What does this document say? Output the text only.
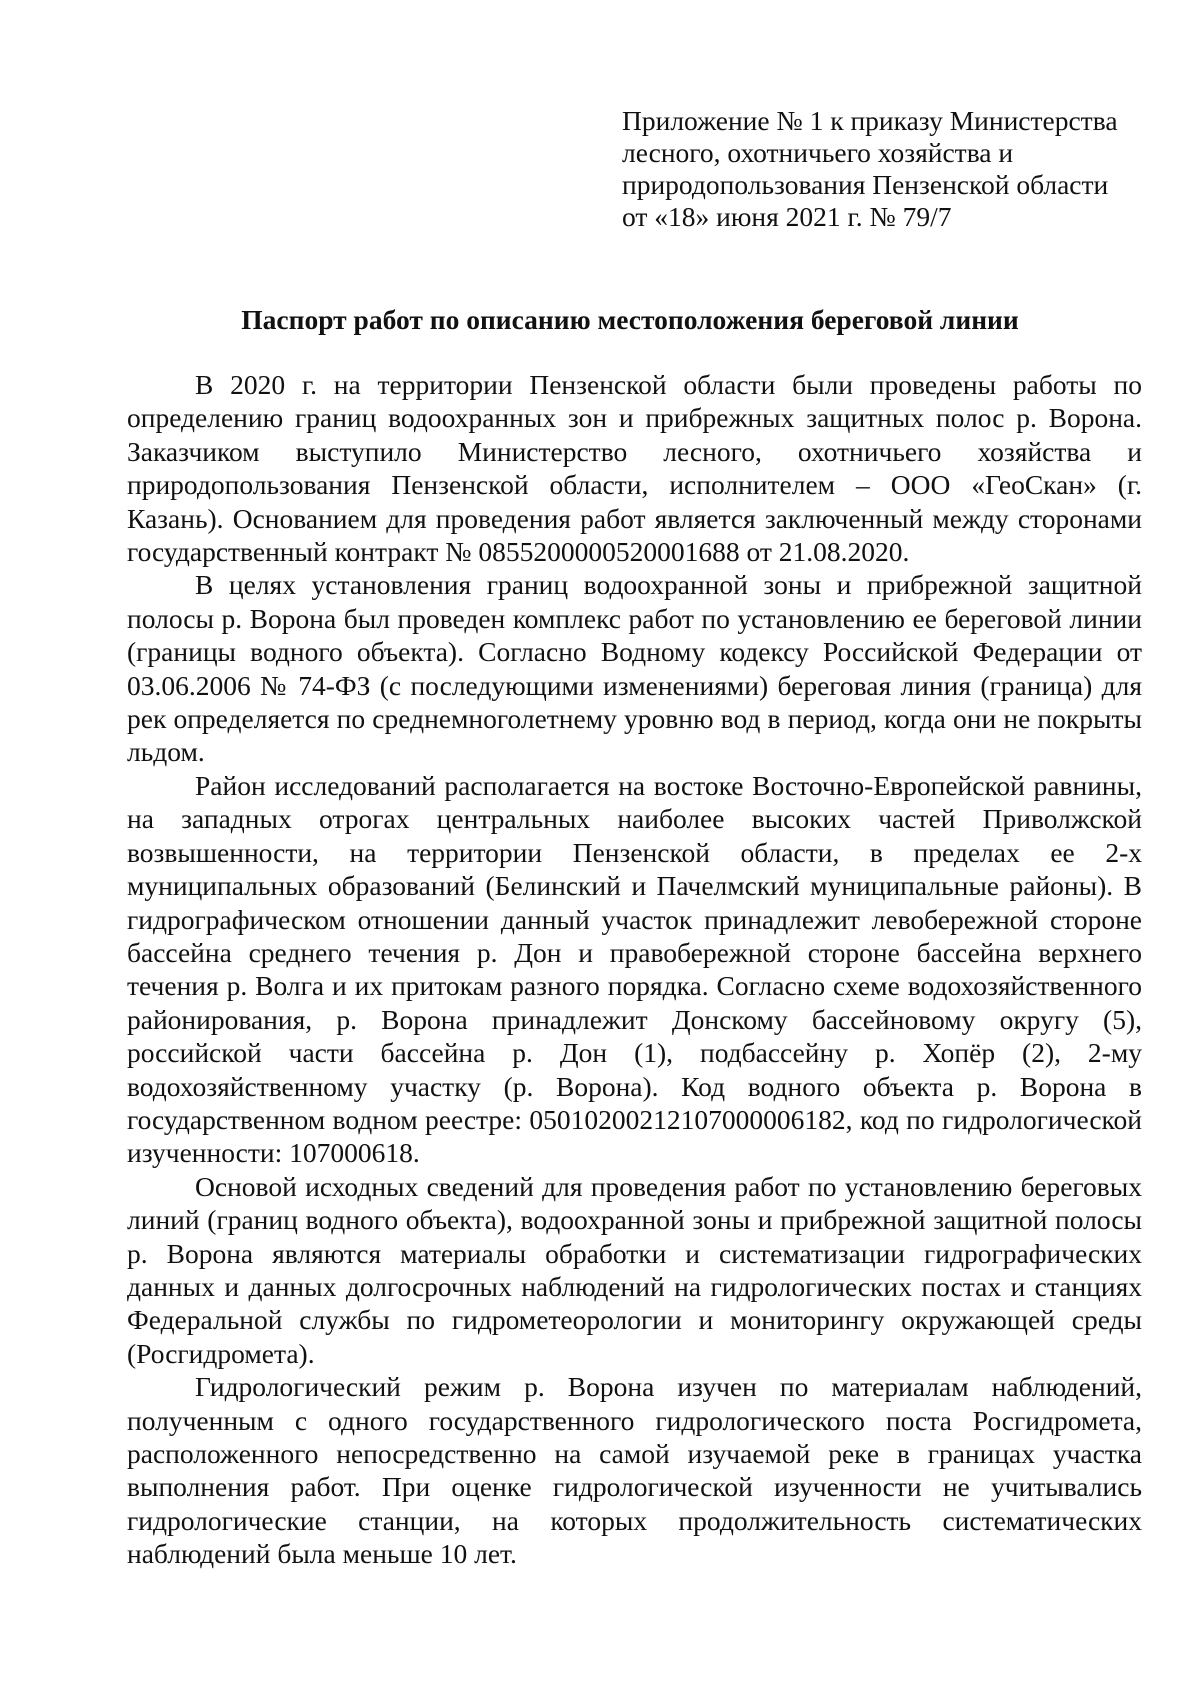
Приложение № 1 к приказу Министерства
лесного, охотничьего хозяйства и
природопользования Пензенской области
от «18» июня 2021 г. № 79/7
Паспорт работ по описанию местоположения береговой линии

В 2020 г. на территории Пензенской области были проведены работы по определению границ водоохранных зон и прибрежных защитных полос р. Ворона. Заказчиком выступило Министерство лесного, охотничьего хозяйства и природопользования Пензенской области, исполнителем – ООО «ГеоСкан» (г. Казань). Основанием для проведения работ является заключенный между сторонами государственный контракт № 0855200000520001688 от 21.08.2020.

В целях установления границ водоохранной зоны и прибрежной защитной полосы р. Ворона был проведен комплекс работ по установлению ее береговой линии (границы водного объекта). Согласно Водному кодексу Российской Федерации от 03.06.2006 № 74-ФЗ (с последующими изменениями) береговая линия (граница) для рек определяется по среднемноголетнему уровню вод в период, когда они не покрыты льдом.

Район исследований располагается на востоке Восточно-Европейской равнины, на западных отрогах центральных наиболее высоких частей Приволжской возвышенности, на территории Пензенской области, в пределах ее 2-х муниципальных образований (Белинский и Пачелмский муниципальные районы). В гидрографическом отношении данный участок принадлежит левобережной стороне бассейна среднего течения р. Дон и правобережной стороне бассейна верхнего течения р. Волга и их притокам разного порядка. Согласно схеме водохозяйственного районирования, р. Ворона принадлежит Донскому бассейновому округу (5), российской части бассейна р. Дон (1), подбассейну р. Хопёр (2), 2-му водохозяйственному участку (р. Ворона). Код водного объекта р. Ворона в государственном водном реестре: 05010200212107000006182, код по гидрологической изученности: 107000618.

Основой исходных сведений для проведения работ по установлению береговых линий (границ водного объекта), водоохранной зоны и прибрежной защитной полосы р. Ворона являются материалы обработки и систематизации гидрографических данных и данных долгосрочных наблюдений на гидрологических постах и станциях Федеральной службы по гидрометеорологии и мониторингу окружающей среды (Росгидромета).

Гидрологический режим р. Ворона изучен по материалам наблюдений, полученным с одного государственного гидрологического поста Росгидромета, расположенного непосредственно на самой изучаемой реке в границах участка выполнения работ. При оценке гидрологической изученности не учитывались гидрологические станции, на которых продолжительность систематических наблюдений была меньше 10 лет.
